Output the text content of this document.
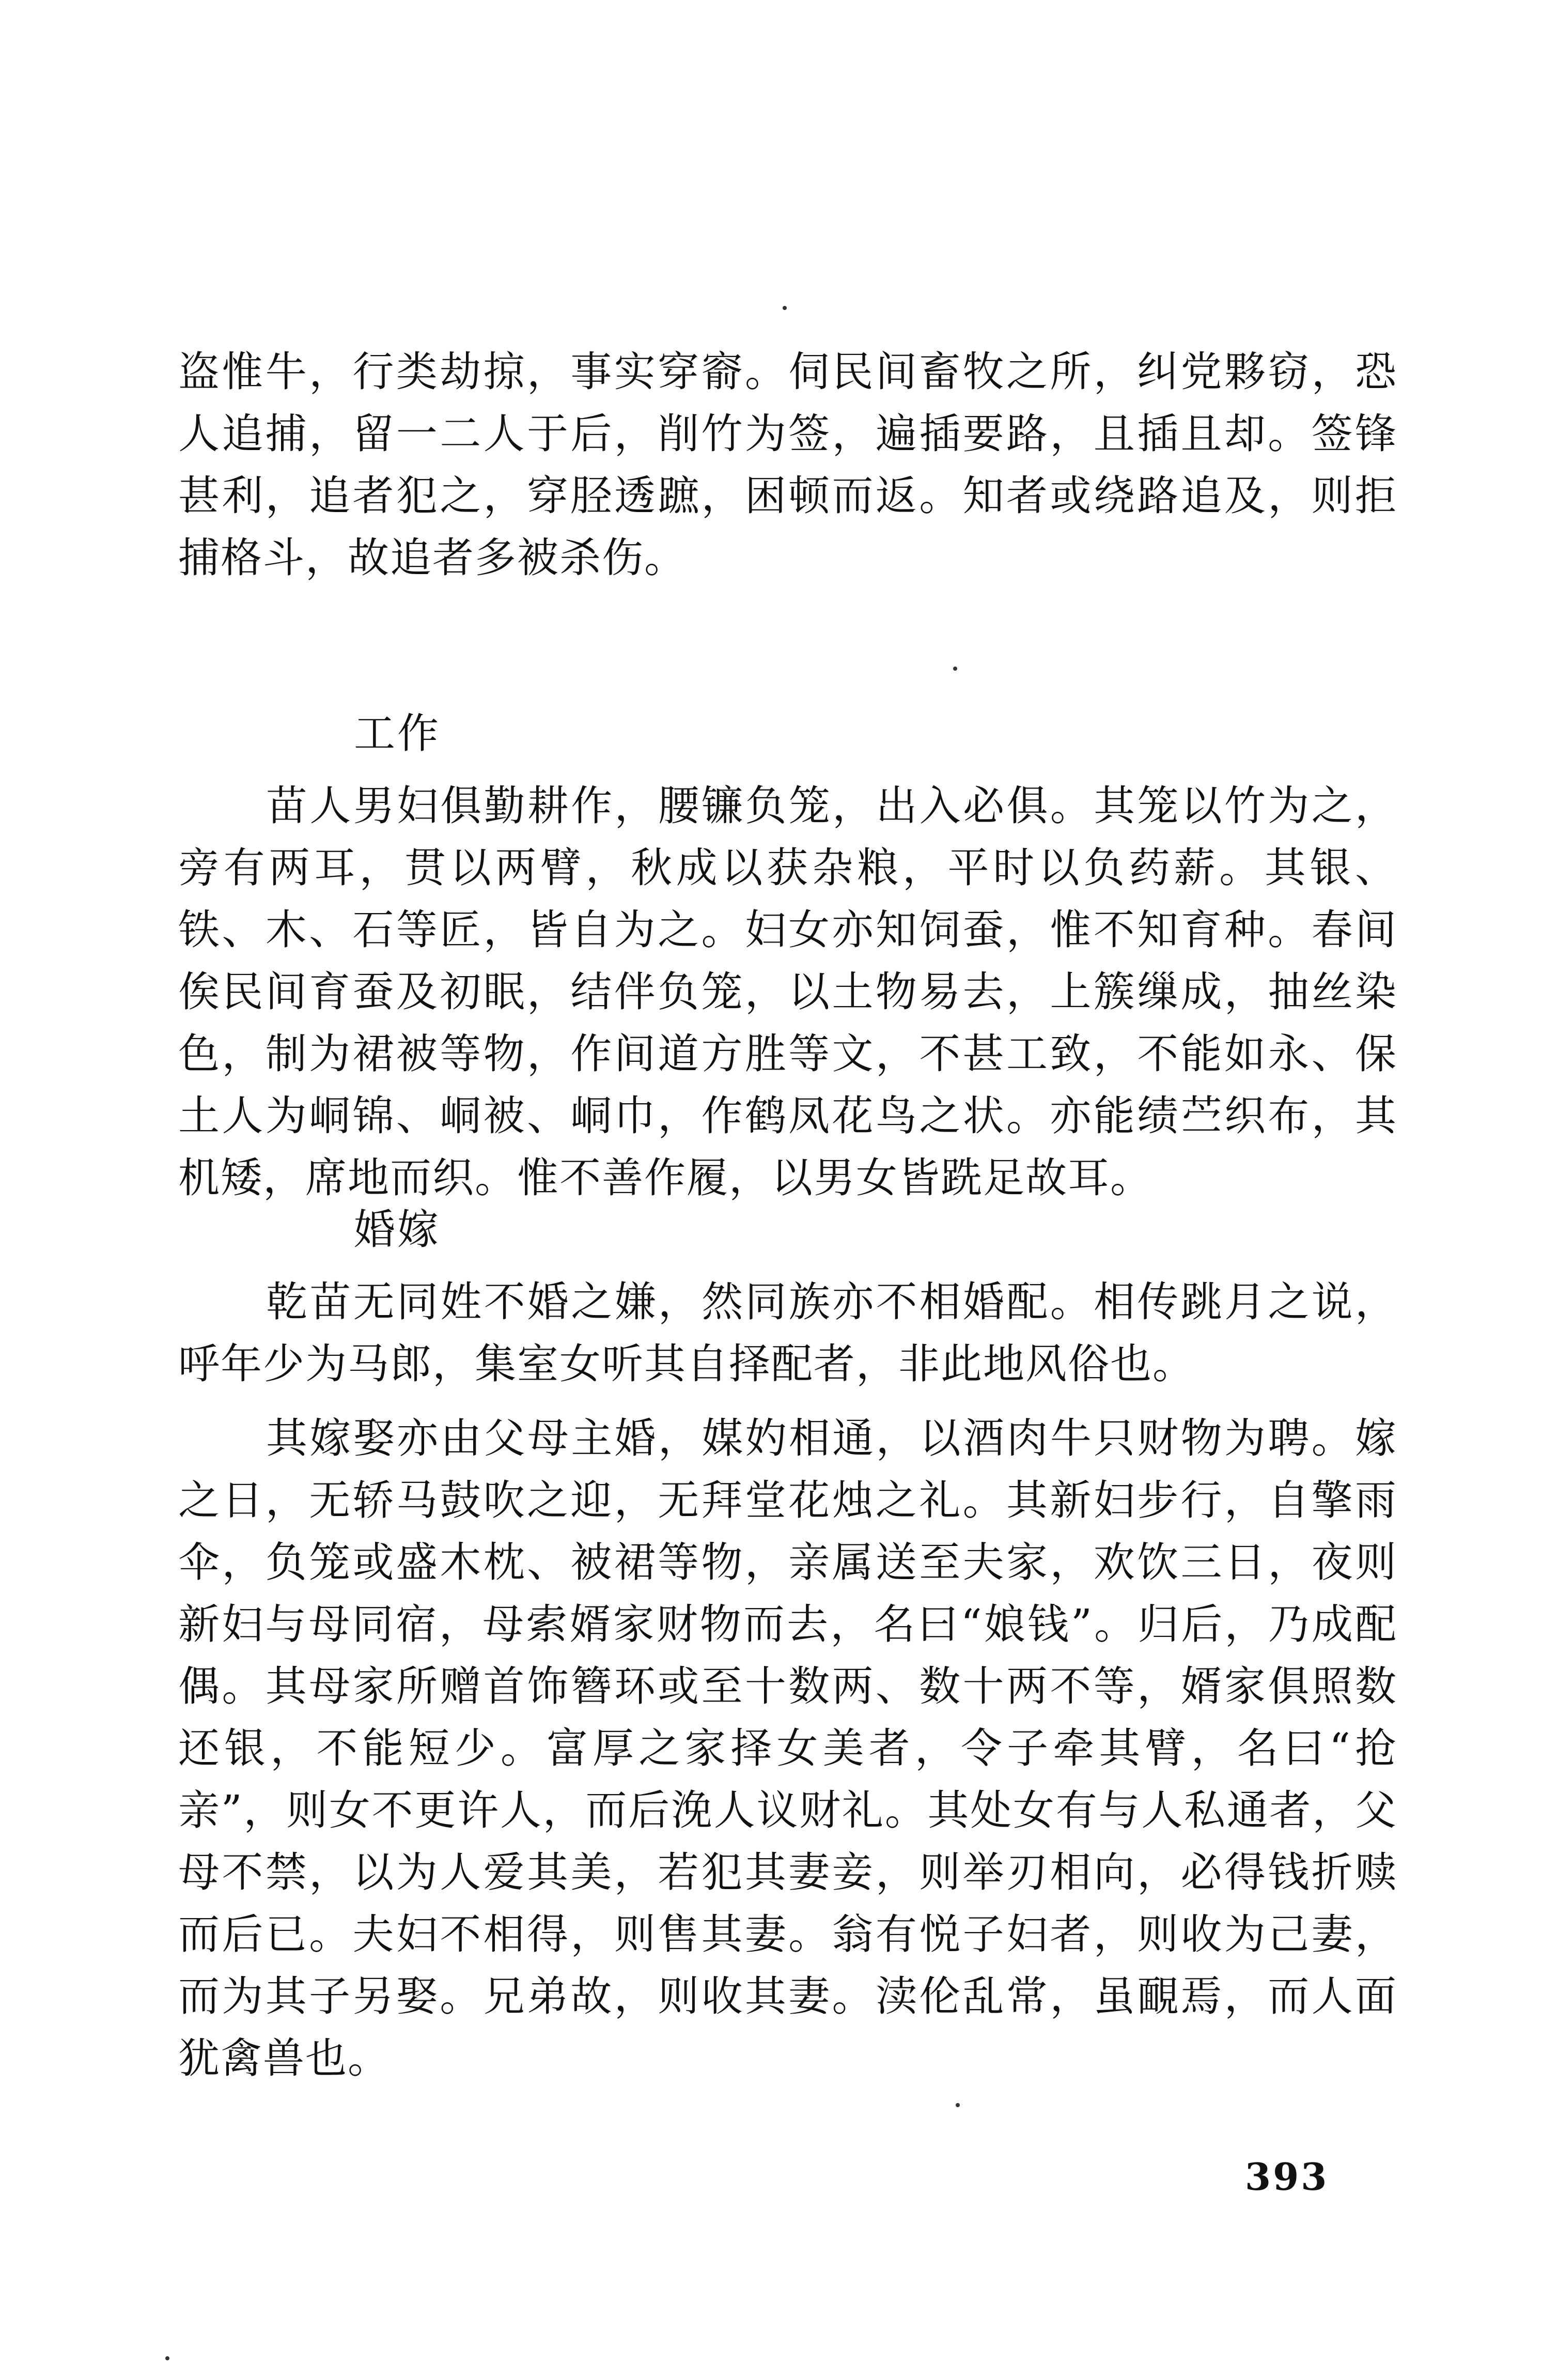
盗惟牛，行类劫掠，事实穿窬。伺民间畜牧之所，纠党夥窃，恐人追捕，留一二人于后，削竹为签，遍插要路，且插且却。签锋甚利，追者犯之，穿胫透蹠，困顿而返。知者或绕路追及，则拒捕格斗，故追者多被杀伤。

工作

苗人男妇俱勤耕作，腰镰负笼，出入必俱。其笼以竹为之，旁有两耳，贯以两臂，秋成以获杂粮，平时以负药薪。其银、铁、木、石等匠，皆自为之。妇女亦知饲蚕，惟不知育种。春间俟民间育蚕及初眠，结伴负笼，以土物易去，上簇缫成，抽丝染色，制为裙被等物，作间道方胜等文，不甚工致，不能如永、保土人为峒锦、峒被、峒巾，作鹤凤花鸟之状。亦能绩苎织布，其机矮，席地而织。惟不善作履，以男女皆跣足故耳。

婚嫁

乾苗无同姓不婚之嫌，然同族亦不相婚配。相传跳月之说，呼年少为马郎，集室女听其自择配者，非此地风俗也。

其嫁娶亦由父母主婚，媒妁相通，以酒肉牛只财物为聘。嫁之日，无轿马鼓吹之迎，无拜堂花烛之礼。其新妇步行，自擎雨伞，负笼或盛木枕、被裙等物，亲属送至夫家，欢饮三日，夜则新妇与母同宿，母索婿家财物而去，名曰“娘钱”。归后，乃成配偶。其母家所赠首饰簪环或至十数两、数十两不等，婿家俱照数还银，不能短少。富厚之家择女美者，令子牵其臂，名曰“抢亲”，则女不更许人，而后浼人议财礼。其处女有与人私通者，父母不禁，以为人爱其美，若犯其妻妾，则举刃相向，必得钱折赎而后已。夫妇不相得，则售其妻。翁有悦子妇者，则收为己妻，而为其子另娶。兄弟故，则收其妻。渎伦乱常，虽靦焉，而人面犹禽兽也。

393
